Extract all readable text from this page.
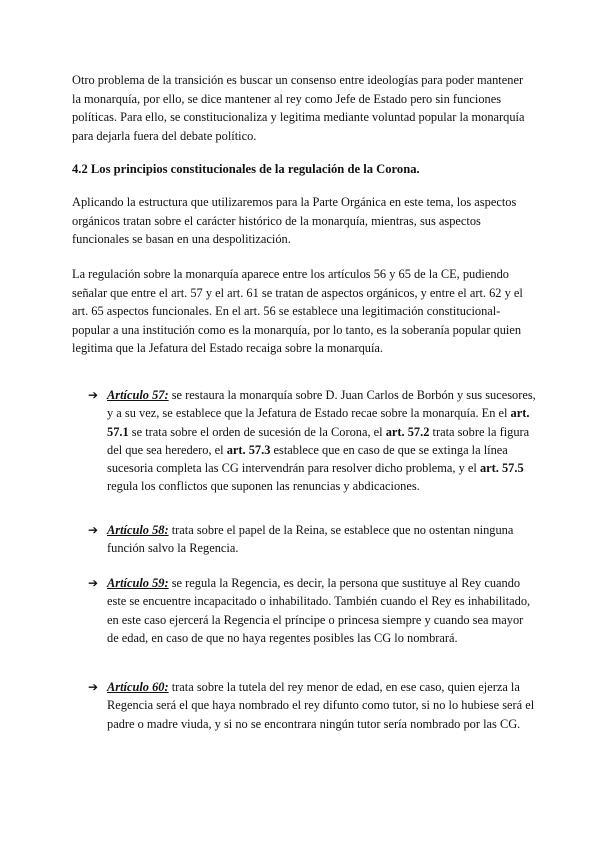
Otro problema de la transición es buscar un consenso entre ideologías para poder mantener la monarquía, por ello, se dice mantener al rey como Jefe de Estado pero sin funciones políticas. Para ello, se constitucionaliza y legitima mediante voluntad popular la monarquía para dejarla fuera del debate político.

4.2 Los principios constitucionales de la regulación de la Corona.

Aplicando la estructura que utilizaremos para la Parte Orgánica en este tema, los aspectos orgánicos tratan sobre el carácter histórico de la monarquía, mientras, sus aspectos funcionales se basan en una despolitización.

La regulación sobre la monarquía aparece entre los artículos 56 y 65 de la CE, pudiendo señalar que entre el art. 57 y el art. 61 se tratan de aspectos orgánicos, y entre el art. 62 y el art. 65 aspectos funcionales. En el art. 56 se establece una legitimación constitucional-popular a una institución como es la monarquía, por lo tanto, es la soberanía popular quien legitima que la Jefatura del Estado recaiga sobre la monarquía.

➔ Artículo 57: se restaura la monarquía sobre D. Juan Carlos de Borbón y sus sucesores, y a su vez, se establece que la Jefatura de Estado recae sobre la monarquía. En el art. 57.1 se trata sobre el orden de sucesión de la Corona, el art. 57.2 trata sobre la figura del que sea heredero, el art. 57.3 establece que en caso de que se extinga la línea sucesoria completa las CG intervendrán para resolver dicho problema, y el art. 57.5 regula los conflictos que suponen las renuncias y abdicaciones.
➔ Artículo 58: trata sobre el papel de la Reina, se establece que no ostentan ninguna función salvo la Regencia.
➔ Artículo 59: se regula la Regencia, es decir, la persona que sustituye al Rey cuando este se encuentre incapacitado o inhabilitado. También cuando el Rey es inhabilitado, en este caso ejercerá la Regencia el príncipe o princesa siempre y cuando sea mayor de edad, en caso de que no haya regentes posibles las CG lo nombrará.
➔ Artículo 60: trata sobre la tutela del rey menor de edad, en ese caso, quien ejerza la Regencia será el que haya nombrado el rey difunto como tutor, si no lo hubiese será el padre o madre viuda, y si no se encontrara ningún tutor sería nombrado por las CG.
